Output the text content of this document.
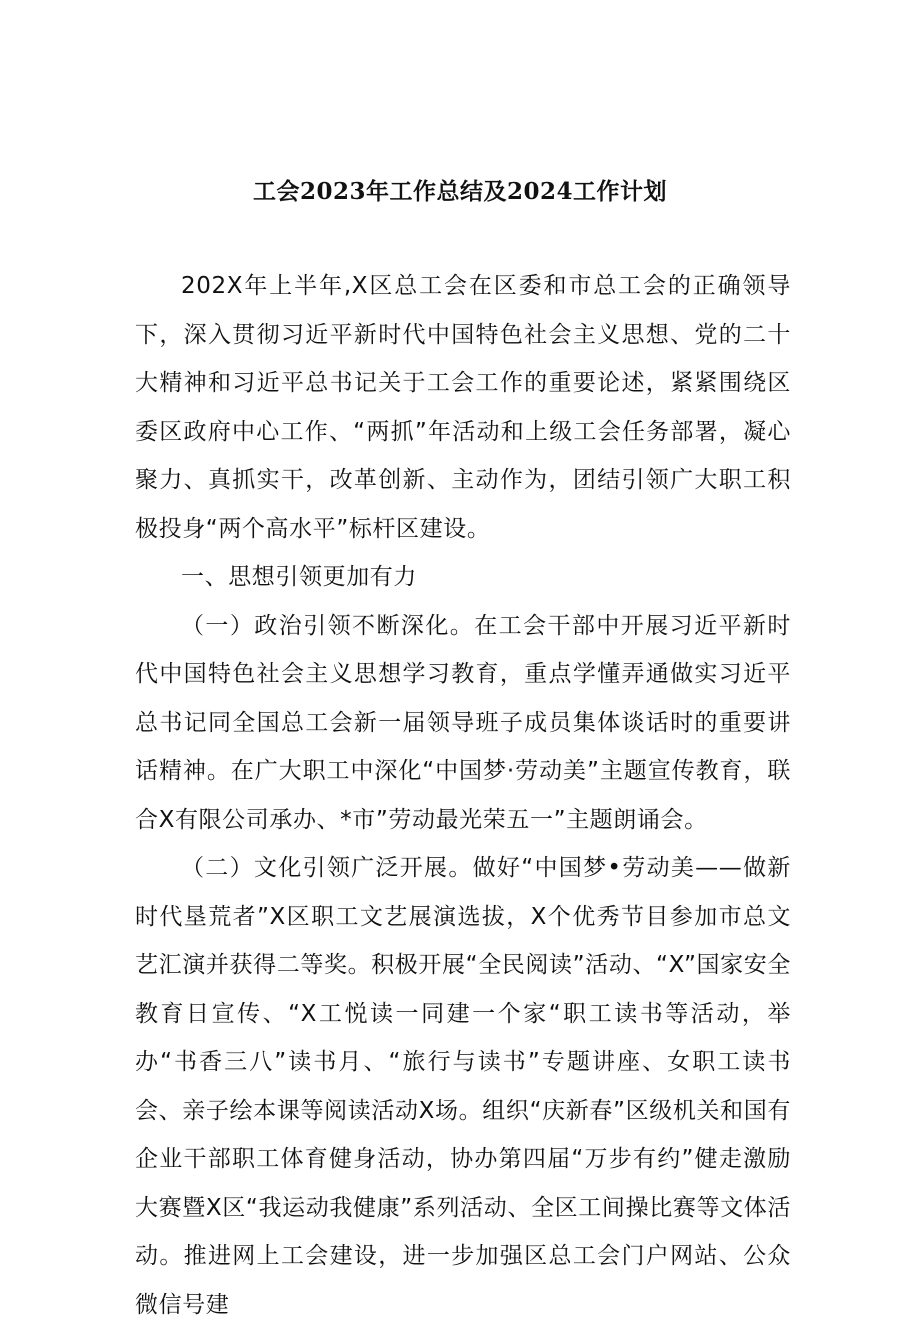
工会2023年工作总结及2024工作计划

202X年上半年,X区总工会在区委和市总工会的正确领导下，深入贯彻习近平新时代中国特色社会主义思想、党的二十大精神和习近平总书记关于工会工作的重要论述，紧紧围绕区委区政府中心工作、“两抓”年活动和上级工会任务部署，凝心聚力、真抓实干，改革创新、主动作为，团结引领广大职工积极投身“两个高水平”标杆区建设。

一、思想引领更加有力

（一）政治引领不断深化。在工会干部中开展习近平新时代中国特色社会主义思想学习教育，重点学懂弄通做实习近平总书记同全国总工会新一届领导班子成员集体谈话时的重要讲话精神。在广大职工中深化“中国梦·劳动美”主题宣传教育，联合X有限公司承办、*市”劳动最光荣五一”主题朗诵会。

（二）文化引领广泛开展。做好“中国梦•劳动美——做新时代垦荒者”X区职工文艺展演选拔，X个优秀节目参加市总文艺汇演并获得二等奖。积极开展“全民阅读”活动、“X”国家安全教育日宣传、“X工悦读一同建一个家“职工读书等活动，举办“书香三八”读书月、“旅行与读书”专题讲座、女职工读书会、亲子绘本课等阅读活动X场。组织“庆新春”区级机关和国有企业干部职工体育健身活动，协办第四届“万步有约”健走激励大赛暨X区“我运动我健康”系列活动、全区工间操比赛等文体活动。推进网上工会建设，进一步加强区总工会门户网站、公众微信号建
